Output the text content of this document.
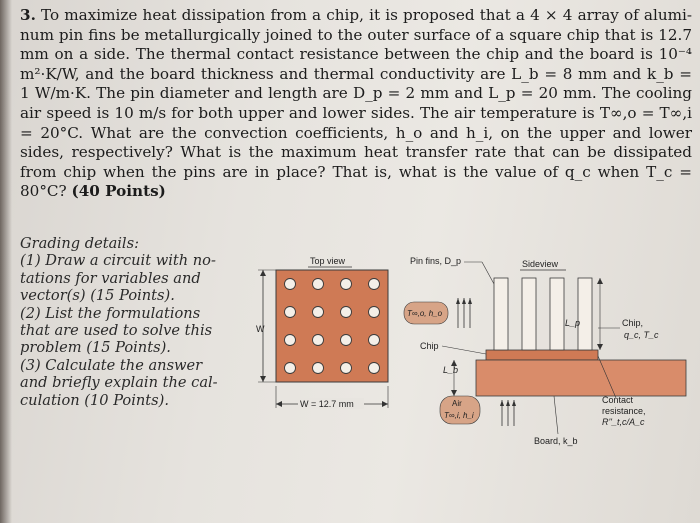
3. To maximize heat dissipation from a chip, it is proposed that a 4 × 4 array of alumi- num pin fins be metallurgically joined to the outer surface of a square chip that is 12.7 mm on a side. The thermal contact resistance between the chip and the board is 10⁻⁴ m²·K/W, and the board thickness and thermal conductivity are L_b = 8 mm and k_b = 1 W/m·K. The pin diameter and length are D_p = 2 mm and L_p = 20 mm. The cooling air speed is 10 m/s for both upper and lower sides. The air temperature is T∞,o = T∞,i = 20°C. What are the convection coefficients, h_o and h_i, on the upper and lower sides, respectively? What is the maximum heat transfer rate that can be dissipated from chip when the pins are in place? That is, what is the value of q_c when T_c = 80°C? (40 Points)
Grading details:
(1) Draw a circuit with no-
tations for variables and
vector(s) (15 Points).
(2) List the formulations
that are used to solve this
problem (15 Points).
(3) Calculate the answer
and briefly explain the cal-
culation (10 Points).
Top view
W
W = 12.7 mm
Pin fins, D_p	Sideview
L_p
T∞,o, h_o
Chip
L_b
Air
T∞,i, h_i
Chip,
q_c, T_c
Contact
resistance,
R''_t,c/A_c
Board, k_b
